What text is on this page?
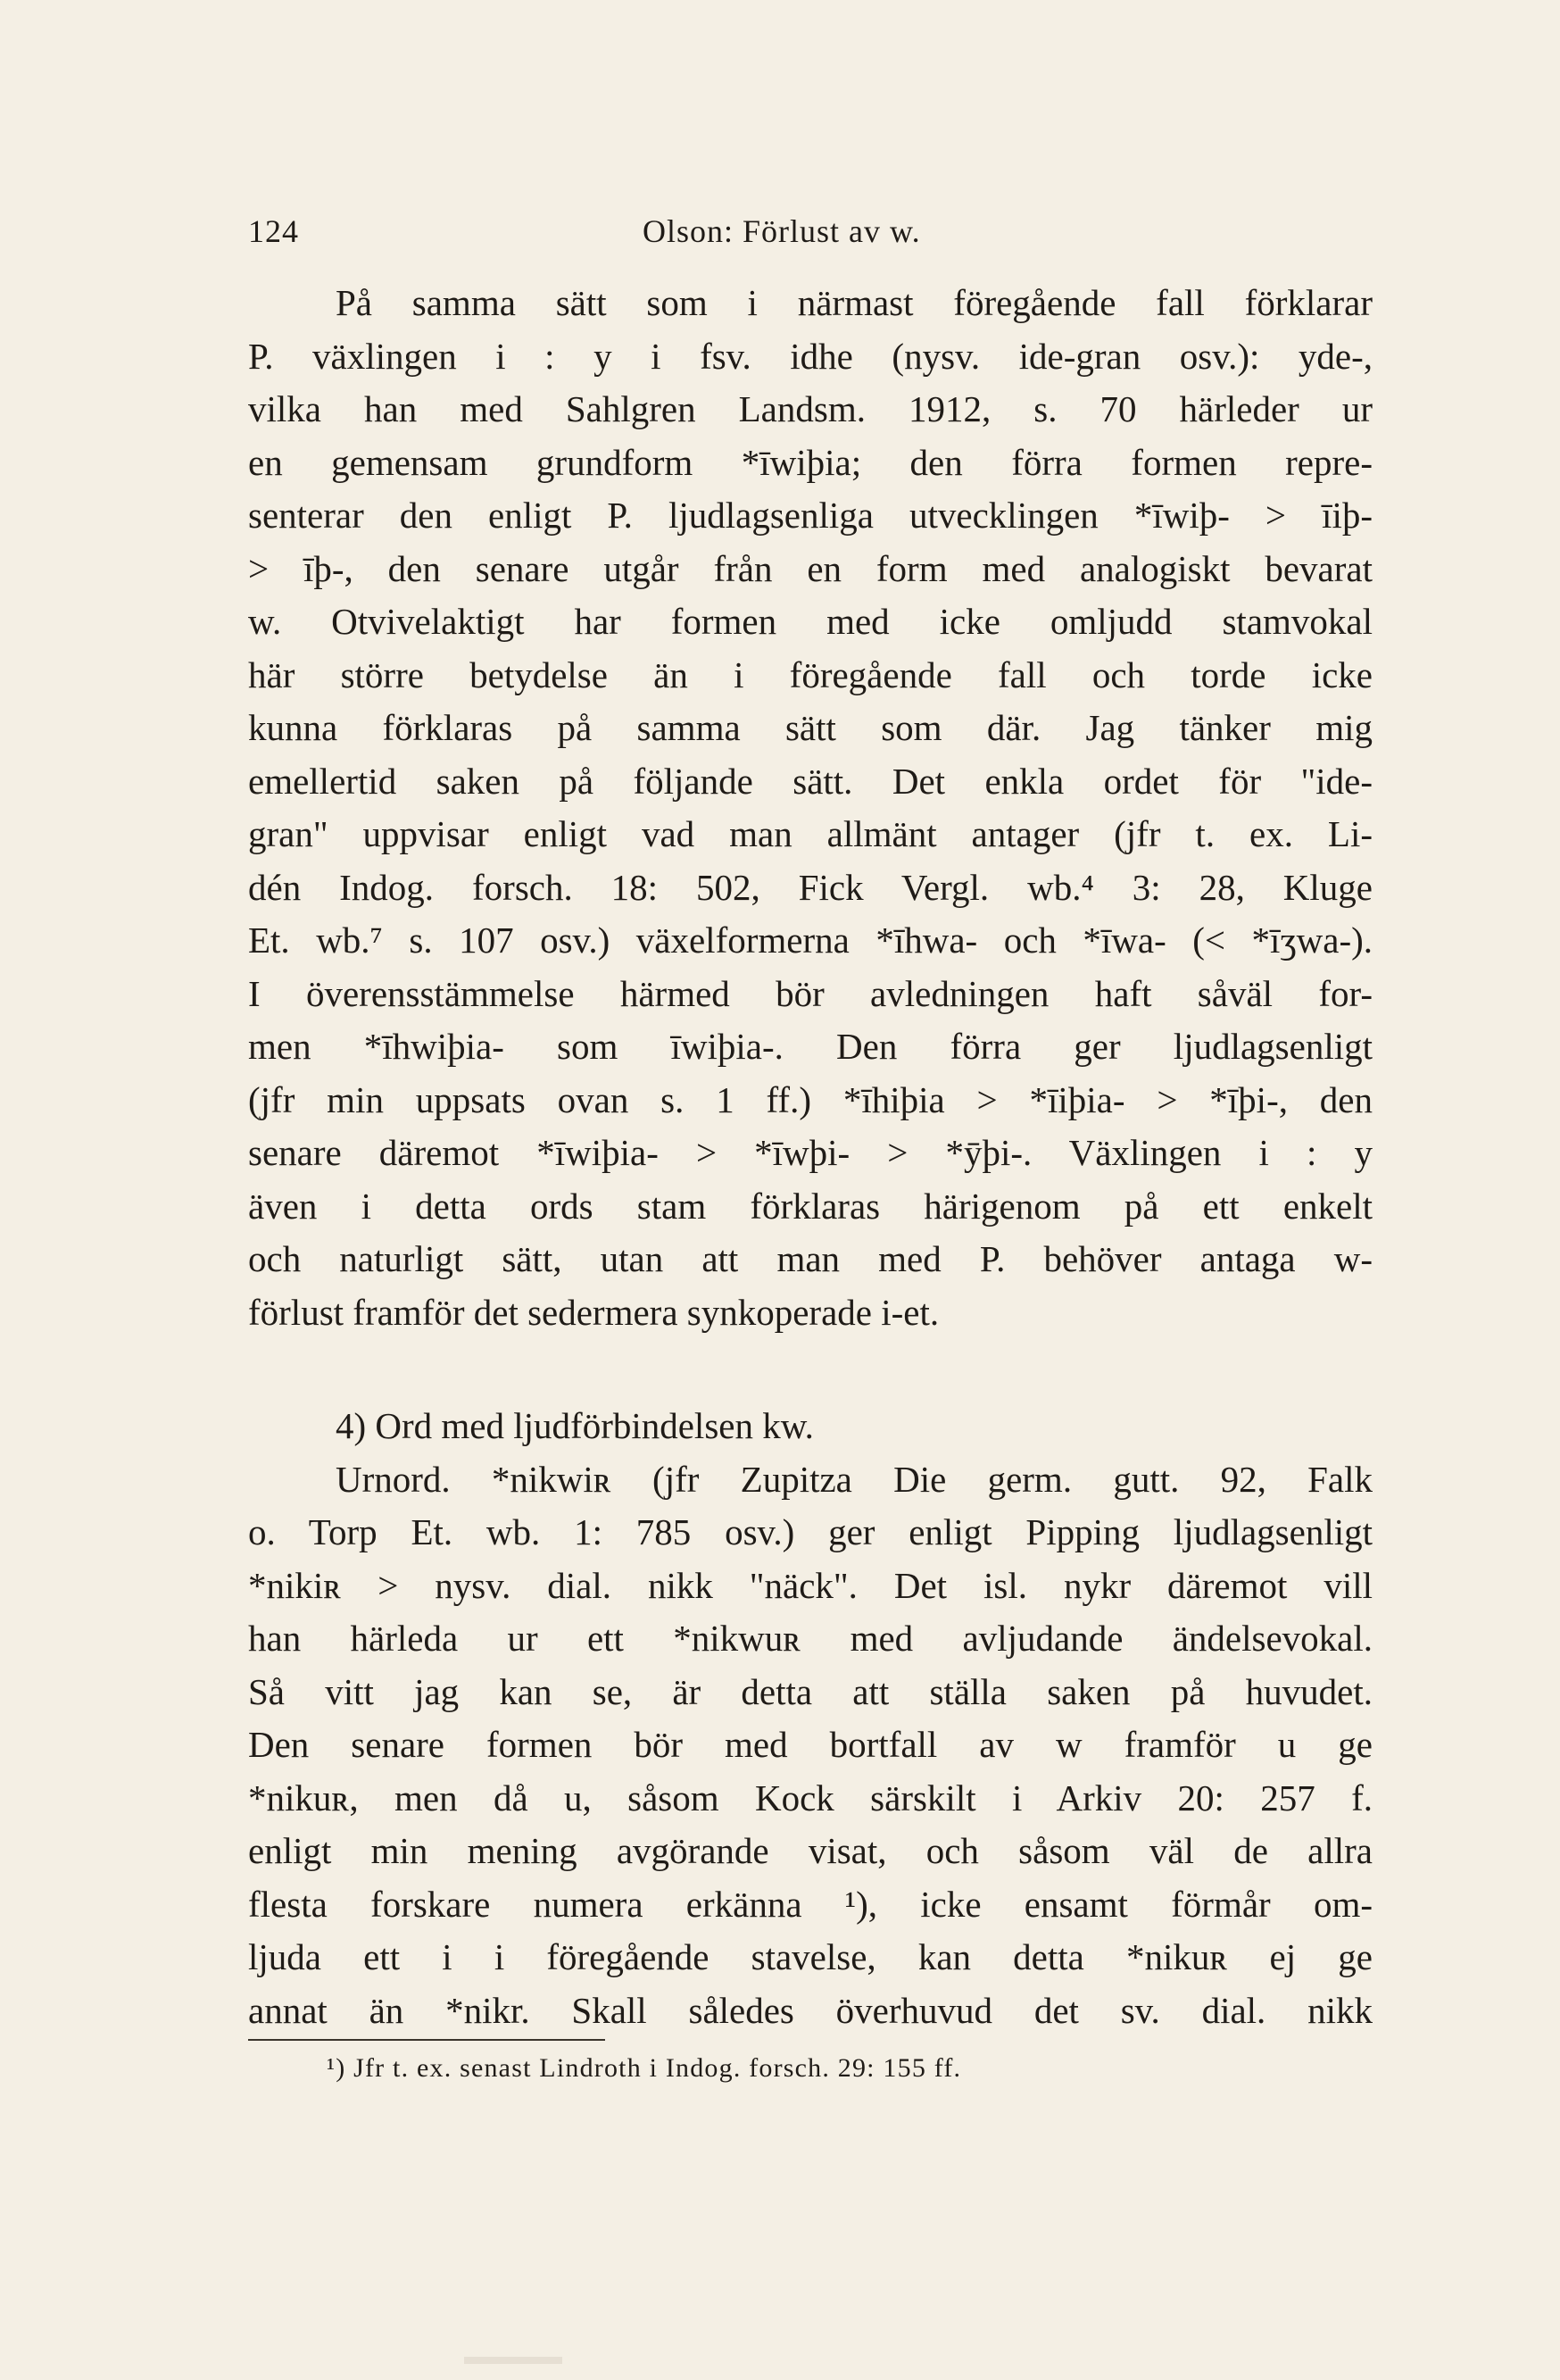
124	Olson: Förlust av w.
På samma sätt som i närmast föregående fall förklarar
P. växlingen i : y i fsv. idhe (nysv. ide-gran osv.): yde-,
vilka han med Sahlgren Landsm. 1912, s. 70 härleder ur
en gemensam grundform *īwiþia; den förra formen repre-
senterar den enligt P. ljudlagsenliga utvecklingen *īwiþ- > īiþ-
> īþ-, den senare utgår från en form med analogiskt bevarat
w. Otvivelaktigt har formen med icke omljudd stamvokal
här större betydelse än i föregående fall och torde icke
kunna förklaras på samma sätt som där. Jag tänker mig
emellertid saken på följande sätt. Det enkla ordet för "ide-
gran" uppvisar enligt vad man allmänt antager (jfr t. ex. Li-
dén Indog. forsch. 18: 502, Fick Vergl. wb.⁴ 3: 28, Kluge
Et. wb.⁷ s. 107 osv.) växelformerna *īhwa- och *īwa- (< *īʒwa-).
I överensstämmelse härmed bör avledningen haft såväl for-
men *īhwiþia- som īwiþia-. Den förra ger ljudlagsenligt
(jfr min uppsats ovan s. 1 ff.) *īhiþia > *īiþia- > *īþi-, den
senare däremot *īwiþia- > *īwþi- > *ȳþi-. Växlingen i : y
även i detta ords stam förklaras härigenom på ett enkelt
och naturligt sätt, utan att man med P. behöver antaga w-
förlust framför det sedermera synkoperade i-et.
4) Ord med ljudförbindelsen kw.
Urnord. *nikwiʀ (jfr Zupitza Die germ. gutt. 92, Falk
o. Torp Et. wb. 1: 785 osv.) ger enligt Pipping ljudlagsenligt
*nikiʀ > nysv. dial. nikk "näck". Det isl. nykr däremot vill
han härleda ur ett *nikwuʀ med avljudande ändelsevokal.
Så vitt jag kan se, är detta att ställa saken på huvudet.
Den senare formen bör med bortfall av w framför u ge
*nikuʀ, men då u, såsom Kock särskilt i Arkiv 20: 257 f.
enligt min mening avgörande visat, och såsom väl de allra
flesta forskare numera erkänna ¹), icke ensamt förmår om-
ljuda ett i i föregående stavelse, kan detta *nikuʀ ej ge
annat än *nikr. Skall således överhuvud det sv. dial. nikk
¹) Jfr t. ex. senast Lindroth i Indog. forsch. 29: 155 ff.
